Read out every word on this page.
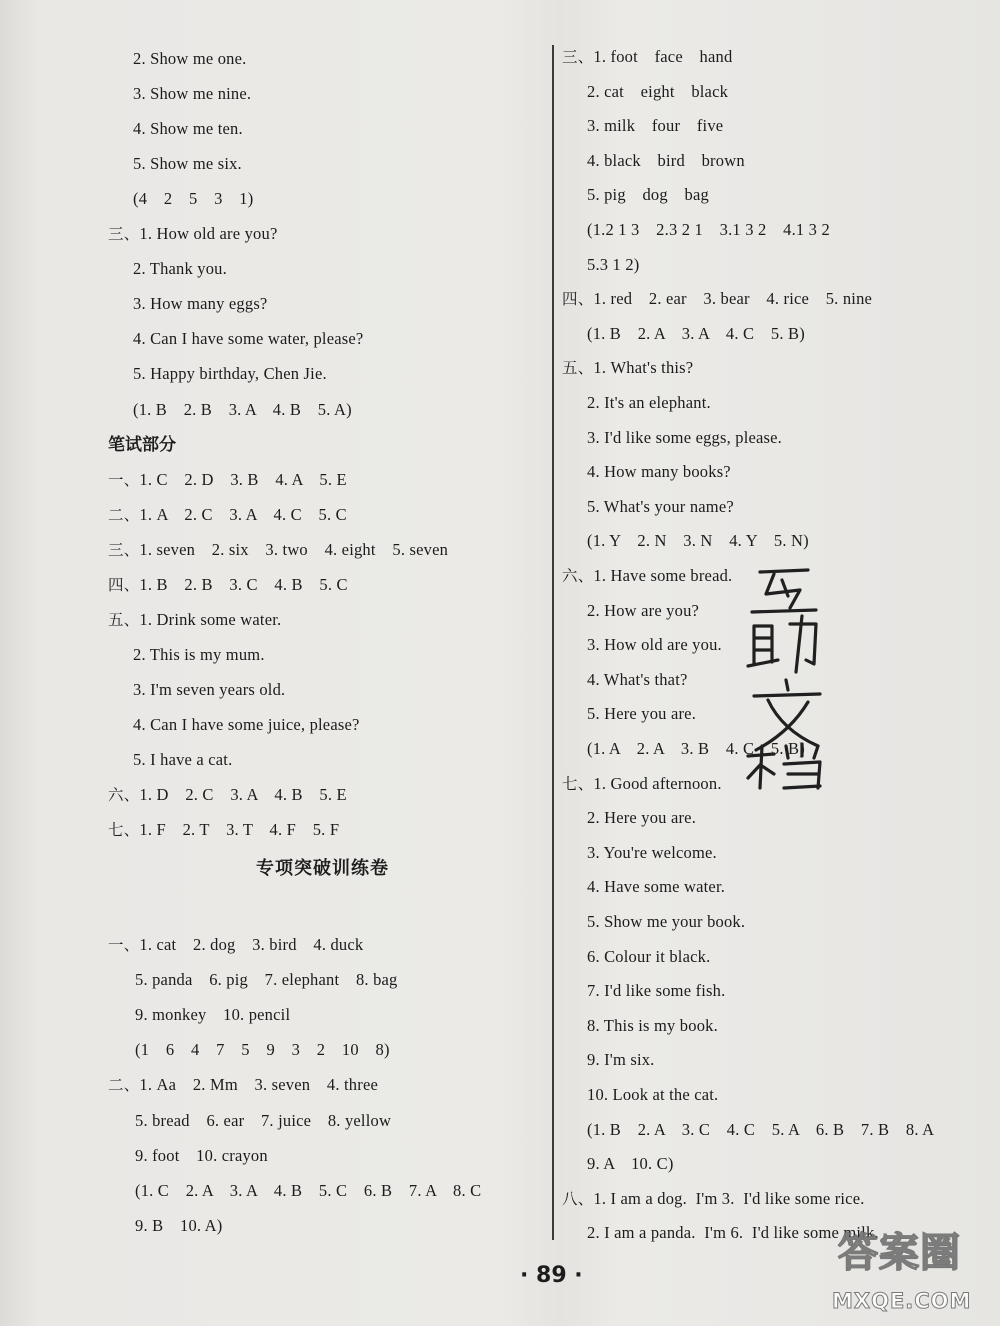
2. Show me one.
3. Show me nine.
4. Show me ten.
5. Show me six.
(4　2　5　3　1)
三、1. How old are you?
2. Thank you.
3. How many eggs?
4. Can I have some water, please?
5. Happy birthday, Chen Jie.
(1. B　2. B　3. A　4. B　5. A)
笔试部分
一、1. C　2. D　3. B　4. A　5. E
二、1. A　2. C　3. A　4. C　5. C
三、1. seven　2. six　3. two　4. eight　5. seven
四、1. B　2. B　3. C　4. B　5. C
五、1. Drink some water.
2. This is my mum.
3. I'm seven years old.
4. Can I have some juice, please?
5. I have a cat.
六、1. D　2. C　3. A　4. B　5. E
七、1. F　2. T　3. T　4. F　5. F
专项突破训练卷
一、1. cat　2. dog　3. bird　4. duck
5. panda　6. pig　7. elephant　8. bag
9. monkey　10. pencil
(1　6　4　7　5　9　3　2　10　8)
二、1. Aa　2. Mm　3. seven　4. three
5. bread　6. ear　7. juice　8. yellow
9. foot　10. crayon
(1. C　2. A　3. A　4. B　5. C　6. B　7. A　8. C
9. B　10. A)
三、1. foot　face　hand
2. cat　eight　black
3. milk　four　five
4. black　bird　brown
5. pig　dog　bag
(1.2 1 3　2.3 2 1　3.1 3 2　4.1 3 2
5.3 1 2)
四、1. red　2. ear　3. bear　4. rice　5. nine
(1. B　2. A　3. A　4. C　5. B)
五、1. What's this?
2. It's an elephant.
3. I'd like some eggs, please.
4. How many books?
5. What's your name?
(1. Y　2. N　3. N　4. Y　5. N)
六、1. Have some bread.
2. How are you?
3. How old are you.
4. What's that?
5. Here you are.
(1. A　2. A　3. B　4. C　5. B)
七、1. Good afternoon.
2. Here you are.
3. You're welcome.
4. Have some water.
5. Show me your book.
6. Colour it black.
7. I'd like some fish.
8. This is my book.
9. I'm six.
10. Look at the cat.
(1. B　2. A　3. C　4. C　5. A　6. B　7. B　8. A
9. A　10. C)
八、1. I am a dog.  I'm 3.  I'd like some rice.
2. I am a panda.  I'm 6.  I'd like some milk.
· 89 ·	答案圈
MXQE.COM
